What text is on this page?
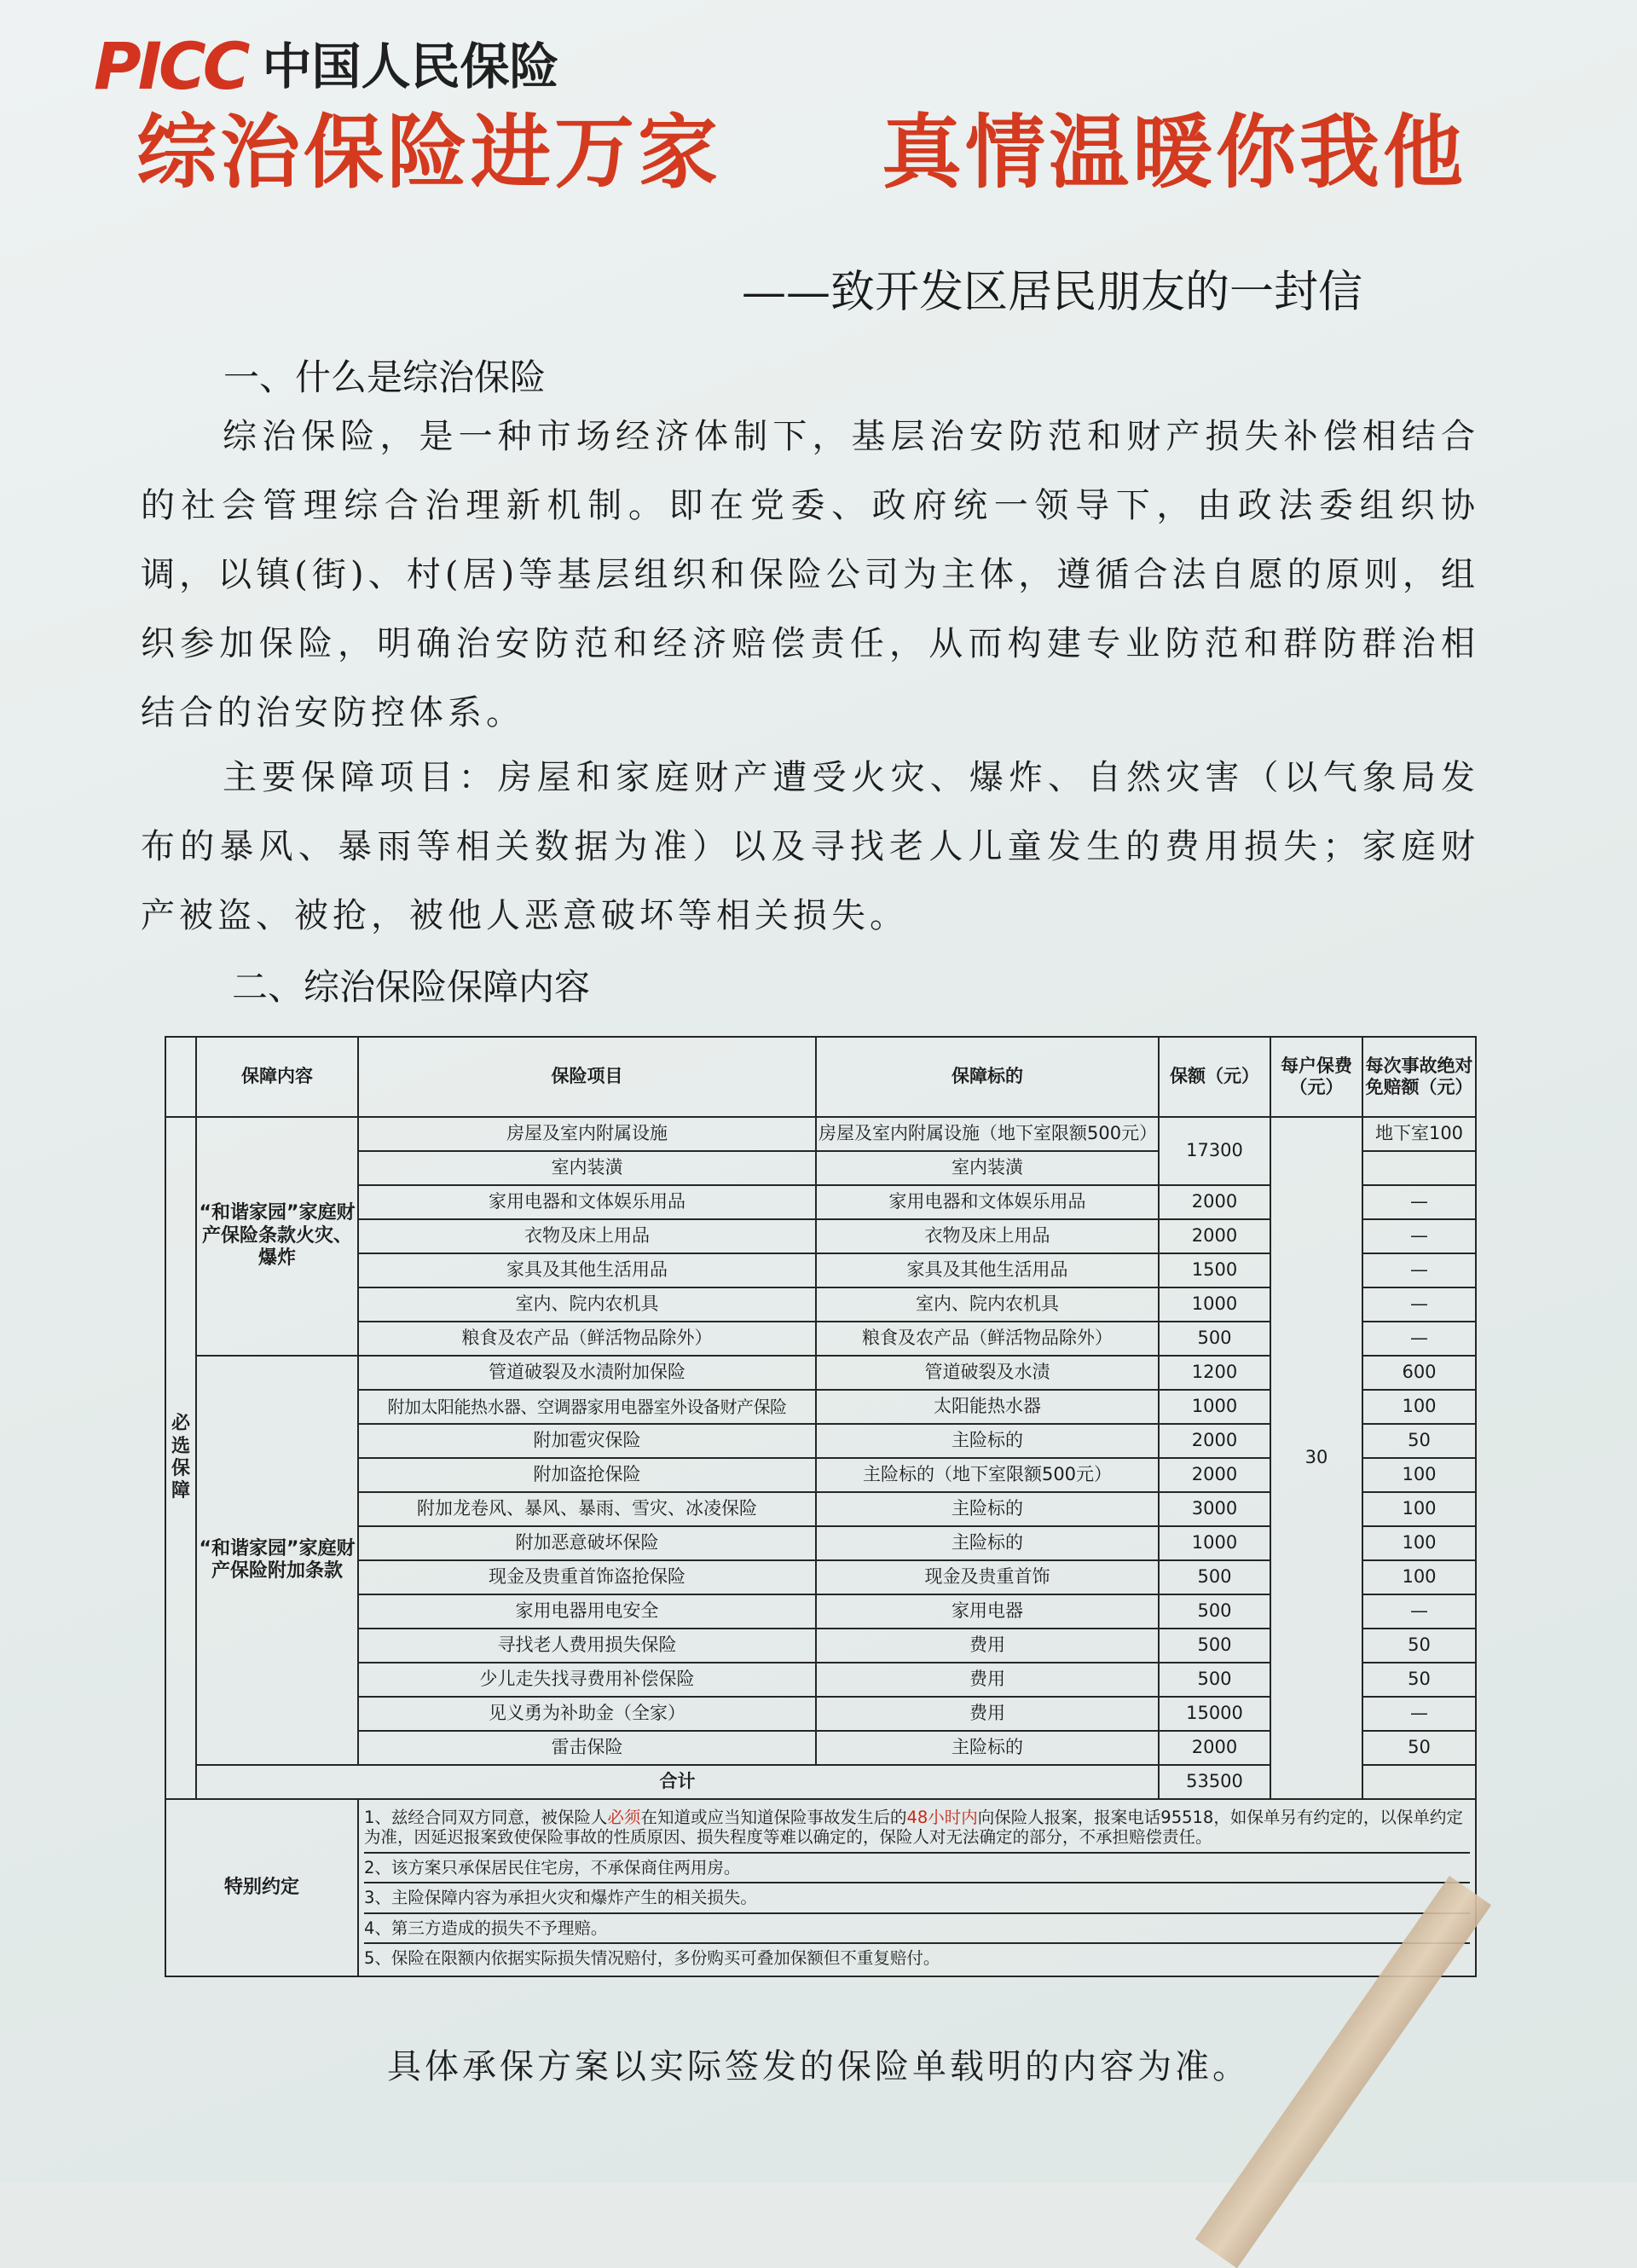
PICC 中国人民保险
综治保险进万家 真情温暖你我他
——致开发区居民朋友的一封信
一、什么是综治保险

综治保险，是一种市场经济体制下，基层治安防范和财产损失补偿相结合的社会管理综合治理新机制。即在党委、政府统一领导下，由政法委组织协调，以镇(街)、村(居)等基层组织和保险公司为主体，遵循合法自愿的原则，组织参加保险，明确治安防范和经济赔偿责任，从而构建专业防范和群防群治相结合的治安防控体系。

主要保障项目：房屋和家庭财产遭受火灾、爆炸、自然灾害（以气象局发布的暴风、暴雨等相关数据为准）以及寻找老人儿童发生的费用损失；家庭财产被盗、被抢，被他人恶意破坏等相关损失。

二、综治保险保障内容
	保障内容	保险项目	保障标的	保额（元）	每户保费（元）	每次事故绝对免赔额（元）
必选保障	“和谐家园”家庭财产保险条款火灾、爆炸	房屋及室内附属设施	房屋及室内附属设施（地下室限额500元）	17300	30	地下室100
		室内装潢	室内装潢			
		家用电器和文体娱乐用品	家用电器和文体娱乐用品	2000		—
		衣物及床上用品	衣物及床上用品	2000		—
		家具及其他生活用品	家具及其他生活用品	1500		—
		室内、院内农机具	室内、院内农机具	1000		—
		粮食及农产品（鲜活物品除外）	粮食及农产品（鲜活物品除外）	500		—
	“和谐家园”家庭财产保险附加条款	管道破裂及水渍附加保险	管道破裂及水渍	1200		600
		附加太阳能热水器、空调器家用电器室外设备财产保险	太阳能热水器	1000		100
		附加雹灾保险	主险标的	2000		50
		附加盗抢保险	主险标的（地下室限额500元）	2000		100
		附加龙卷风、暴风、暴雨、雪灾、冰凌保险	主险标的	3000		100
		附加恶意破坏保险	主险标的	1000		100
		现金及贵重首饰盗抢保险	现金及贵重首饰	500		100
		家用电器用电安全	家用电器	500		—
		寻找老人费用损失保险	费用	500		50
		少儿走失找寻费用补偿保险	费用	500		50
		见义勇为补助金（全家）	费用	15000		—
		雷击保险	主险标的	2000		50
	合计			53500		
特别约定		1、兹经合同双方同意，被保险人必须在知道或应当知道保险事故发生后的48小时内向保险人报案，报案电话95518，如保单另有约定的，以保单约定为准，因延迟报案致使保险事故的性质原因、损失程度等难以确定的，保险人对无法确定的部分，不承担赔偿责任。
2、该方案只承保居民住宅房，不承保商住两用房。
3、主险保障内容为承担火灾和爆炸产生的相关损失。
4、第三方造成的损失不予理赔。
5、保险在限额内依据实际损失情况赔付，多份购买可叠加保额但不重复赔付。				
具体承保方案以实际签发的保险单载明的内容为准。
